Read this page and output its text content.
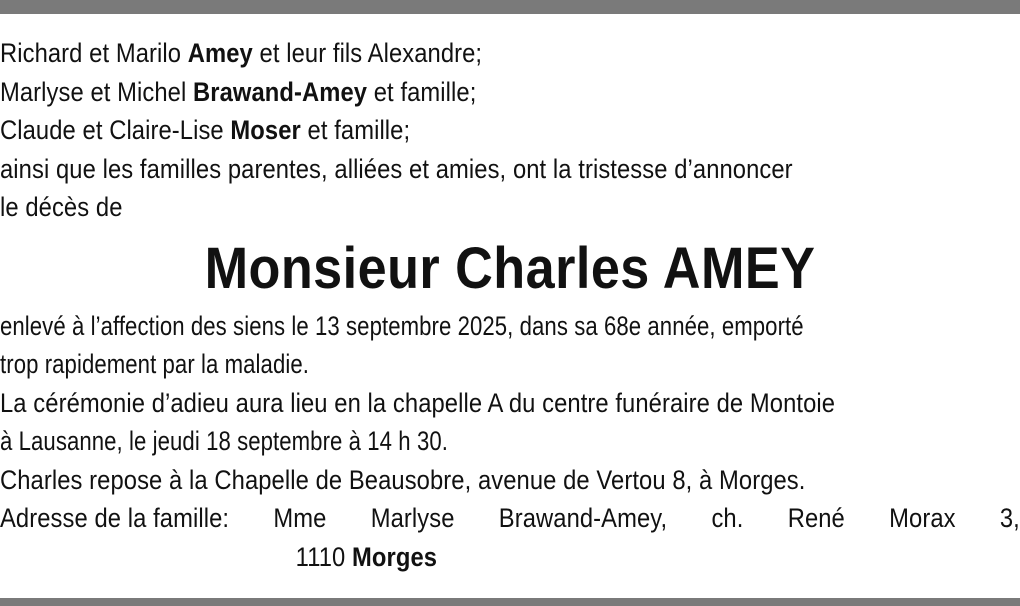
Richard et Marilo Amey et leur fils Alexandre;
Marlyse et Michel Brawand-Amey et famille;
Claude et Claire-Lise Moser et famille;
ainsi que les familles parentes, alliées et amies, ont la tristesse d’annoncer
le décès de
Monsieur Charles AMEY
enlevé à l’affection des siens le 13 septembre 2025, dans sa 68e année, emporté
trop rapidement par la maladie.
La cérémonie d’adieu aura lieu en la chapelle A du centre funéraire de Montoie
à Lausanne, le jeudi 18 septembre à 14 h 30.
Charles repose à la Chapelle de Beausobre, avenue de Vertou 8, à Morges.
Adresse de la famille: Mme Marlyse Brawand-Amey, ch. René Morax 3,
1110 Morges
